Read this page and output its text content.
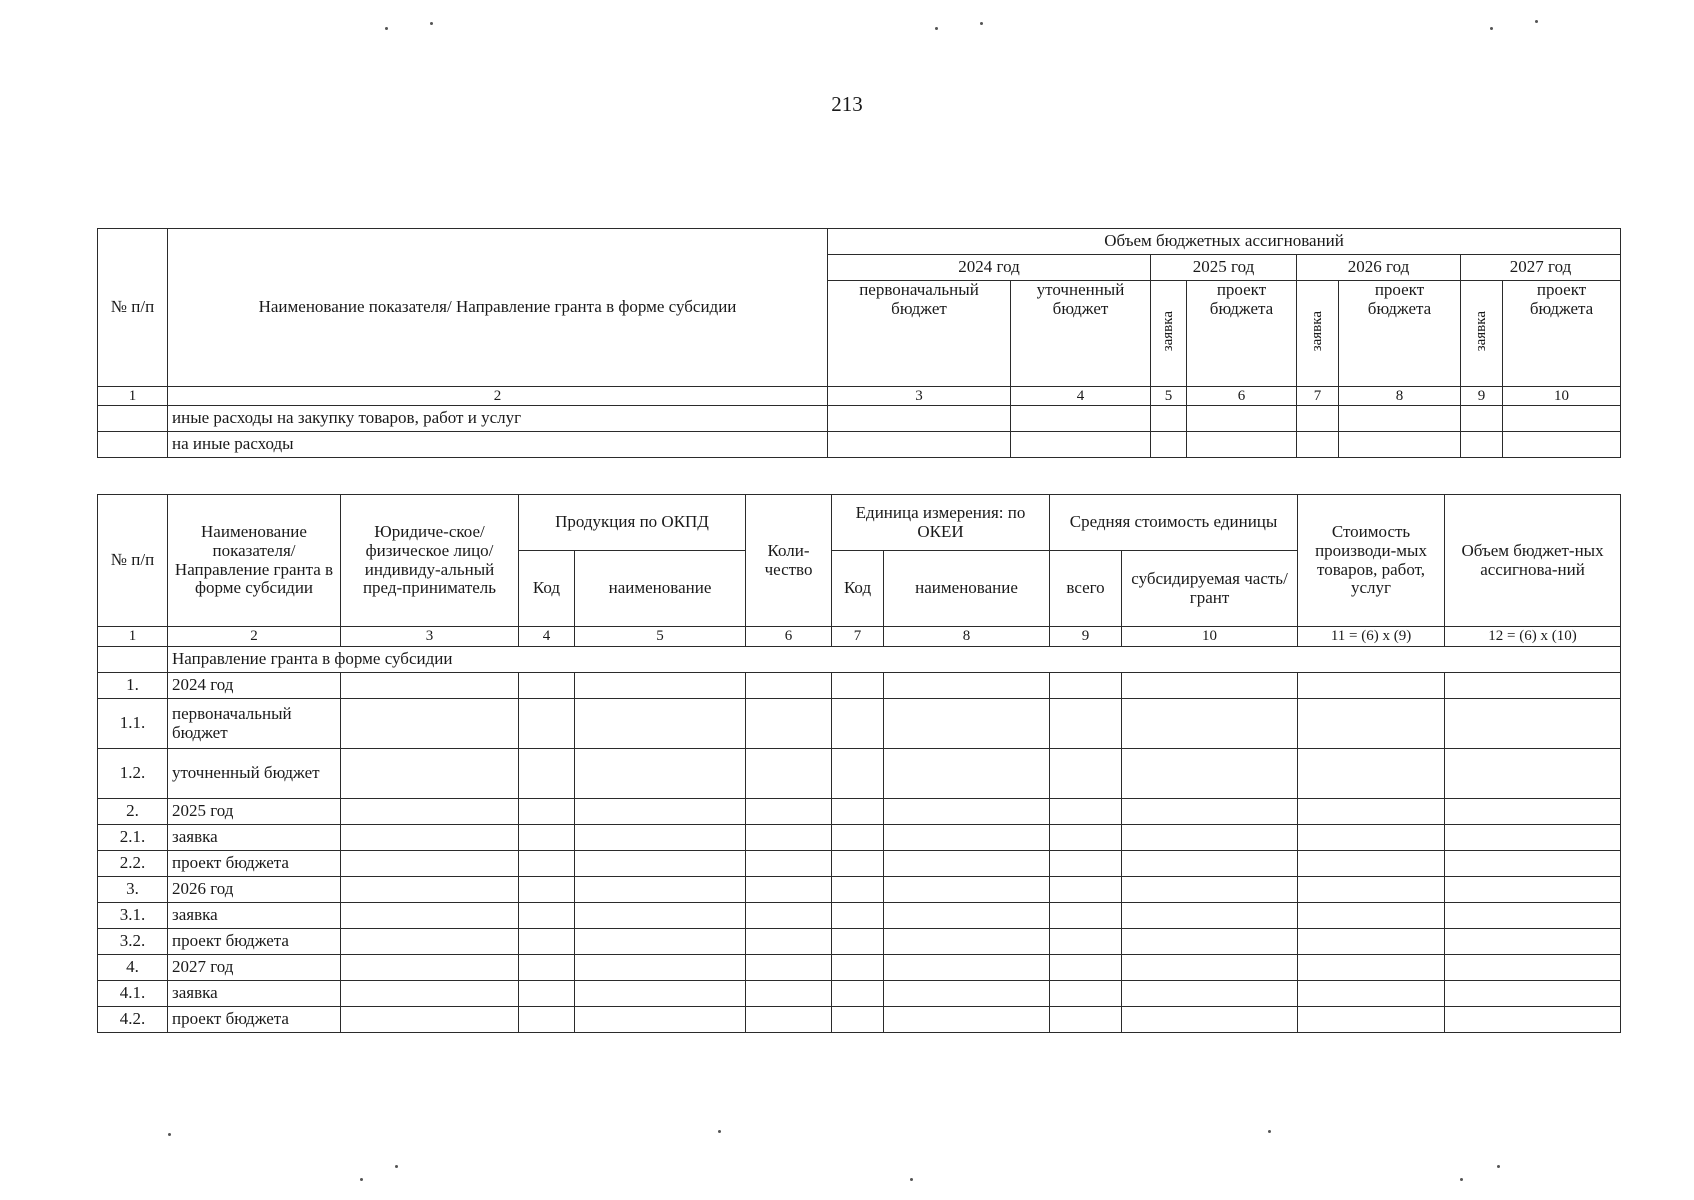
213
№ п/п	Наименование показателя/ Направление гранта в форме субсидии	Объем бюджетных ассигнований							
		2024 год		2025 год		2026 год		2027 год	
		первоначальный бюджет	уточненный бюджет	заявка	проект бюджета	заявка	проект бюджета	заявка	проект бюджета
1	2	3	4	5	6	7	8	9	10
	иные расходы на закупку товаров, работ и услуг								
	на иные расходы								
№ п/п	Наименование показателя/ Направление гранта в форме субсидии	Юридиче-ское/физическое лицо/ индивиду-альный пред-приниматель	Продукция по ОКПД		Коли-чество	Единица измерения: по ОКЕИ		Средняя стоимость единицы		Стоимость производи-мых товаров, работ, услуг	Объем бюджет-ных ассигнова-ний
			Код	наименование		Код	наименование	всего	субсидируемая часть/грант		
1	2	3	4	5	6	7	8	9	10	11 = (6) х (9)	12 = (6) х (10)
	Направление гранта в форме субсидии										
1.	2024 год										
1.1.	первоначальный бюджет										
1.2.	уточненный бюджет										
2.	2025 год										
2.1.	заявка										
2.2.	проект бюджета										
3.	2026 год										
3.1.	заявка										
3.2.	проект бюджета										
4.	2027 год										
4.1.	заявка										
4.2.	проект бюджета										
